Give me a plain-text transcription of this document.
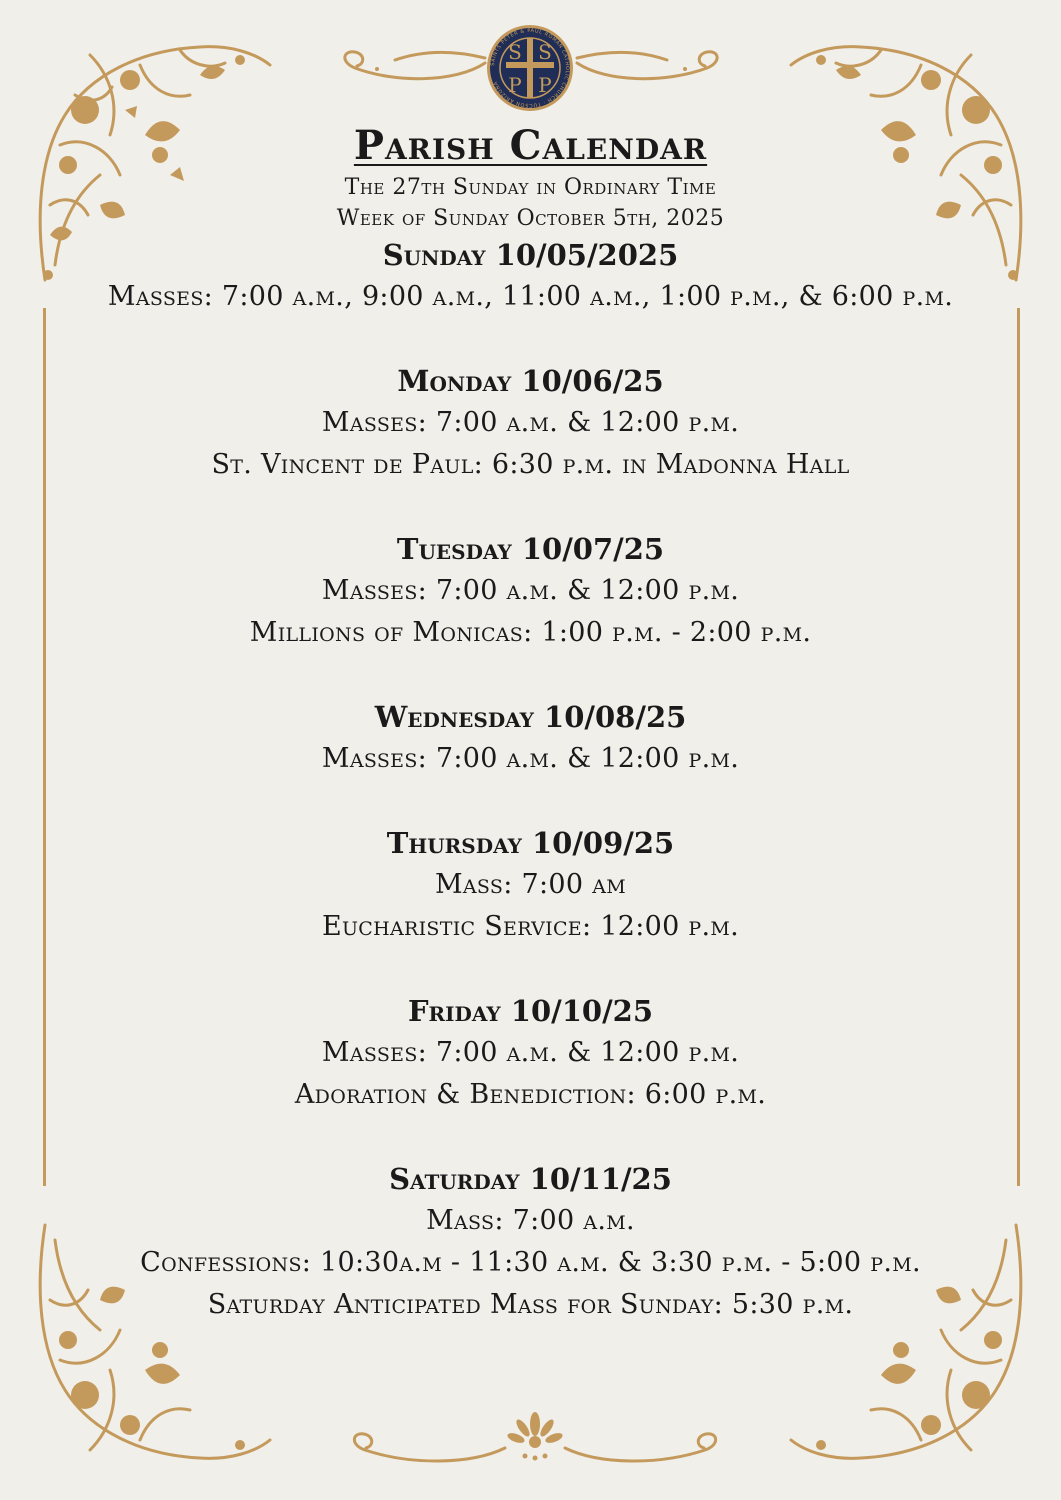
S S
P P
SAINTS PETER & PAUL ROMAN CATHOLIC CHURCH · TUCSON ARIZONA
Parish Calendar

The 27th Sunday in Ordinary Time

Week of Sunday October 5th, 2025

Sunday 10/05/2025

Masses: 7:00 a.m., 9:00 a.m., 11:00 a.m., 1:00 p.m., & 6:00 p.m.

Monday 10/06/25

Masses: 7:00 a.m. & 12:00 p.m.

St. Vincent de Paul: 6:30 p.m. in Madonna Hall

Tuesday 10/07/25

Masses: 7:00 a.m. & 12:00 p.m.

Millions of Monicas: 1:00 p.m. - 2:00 p.m.

Wednesday 10/08/25

Masses: 7:00 a.m. & 12:00 p.m.

Thursday 10/09/25

Mass: 7:00 am

Eucharistic Service: 12:00 p.m.

Friday 10/10/25

Masses: 7:00 a.m. & 12:00 p.m.

Adoration & Benediction: 6:00 p.m.

Saturday 10/11/25

Mass: 7:00 a.m.

Confessions: 10:30a.m - 11:30 a.m. & 3:30 p.m. - 5:00 p.m.

Saturday Anticipated Mass for Sunday: 5:30 p.m.
